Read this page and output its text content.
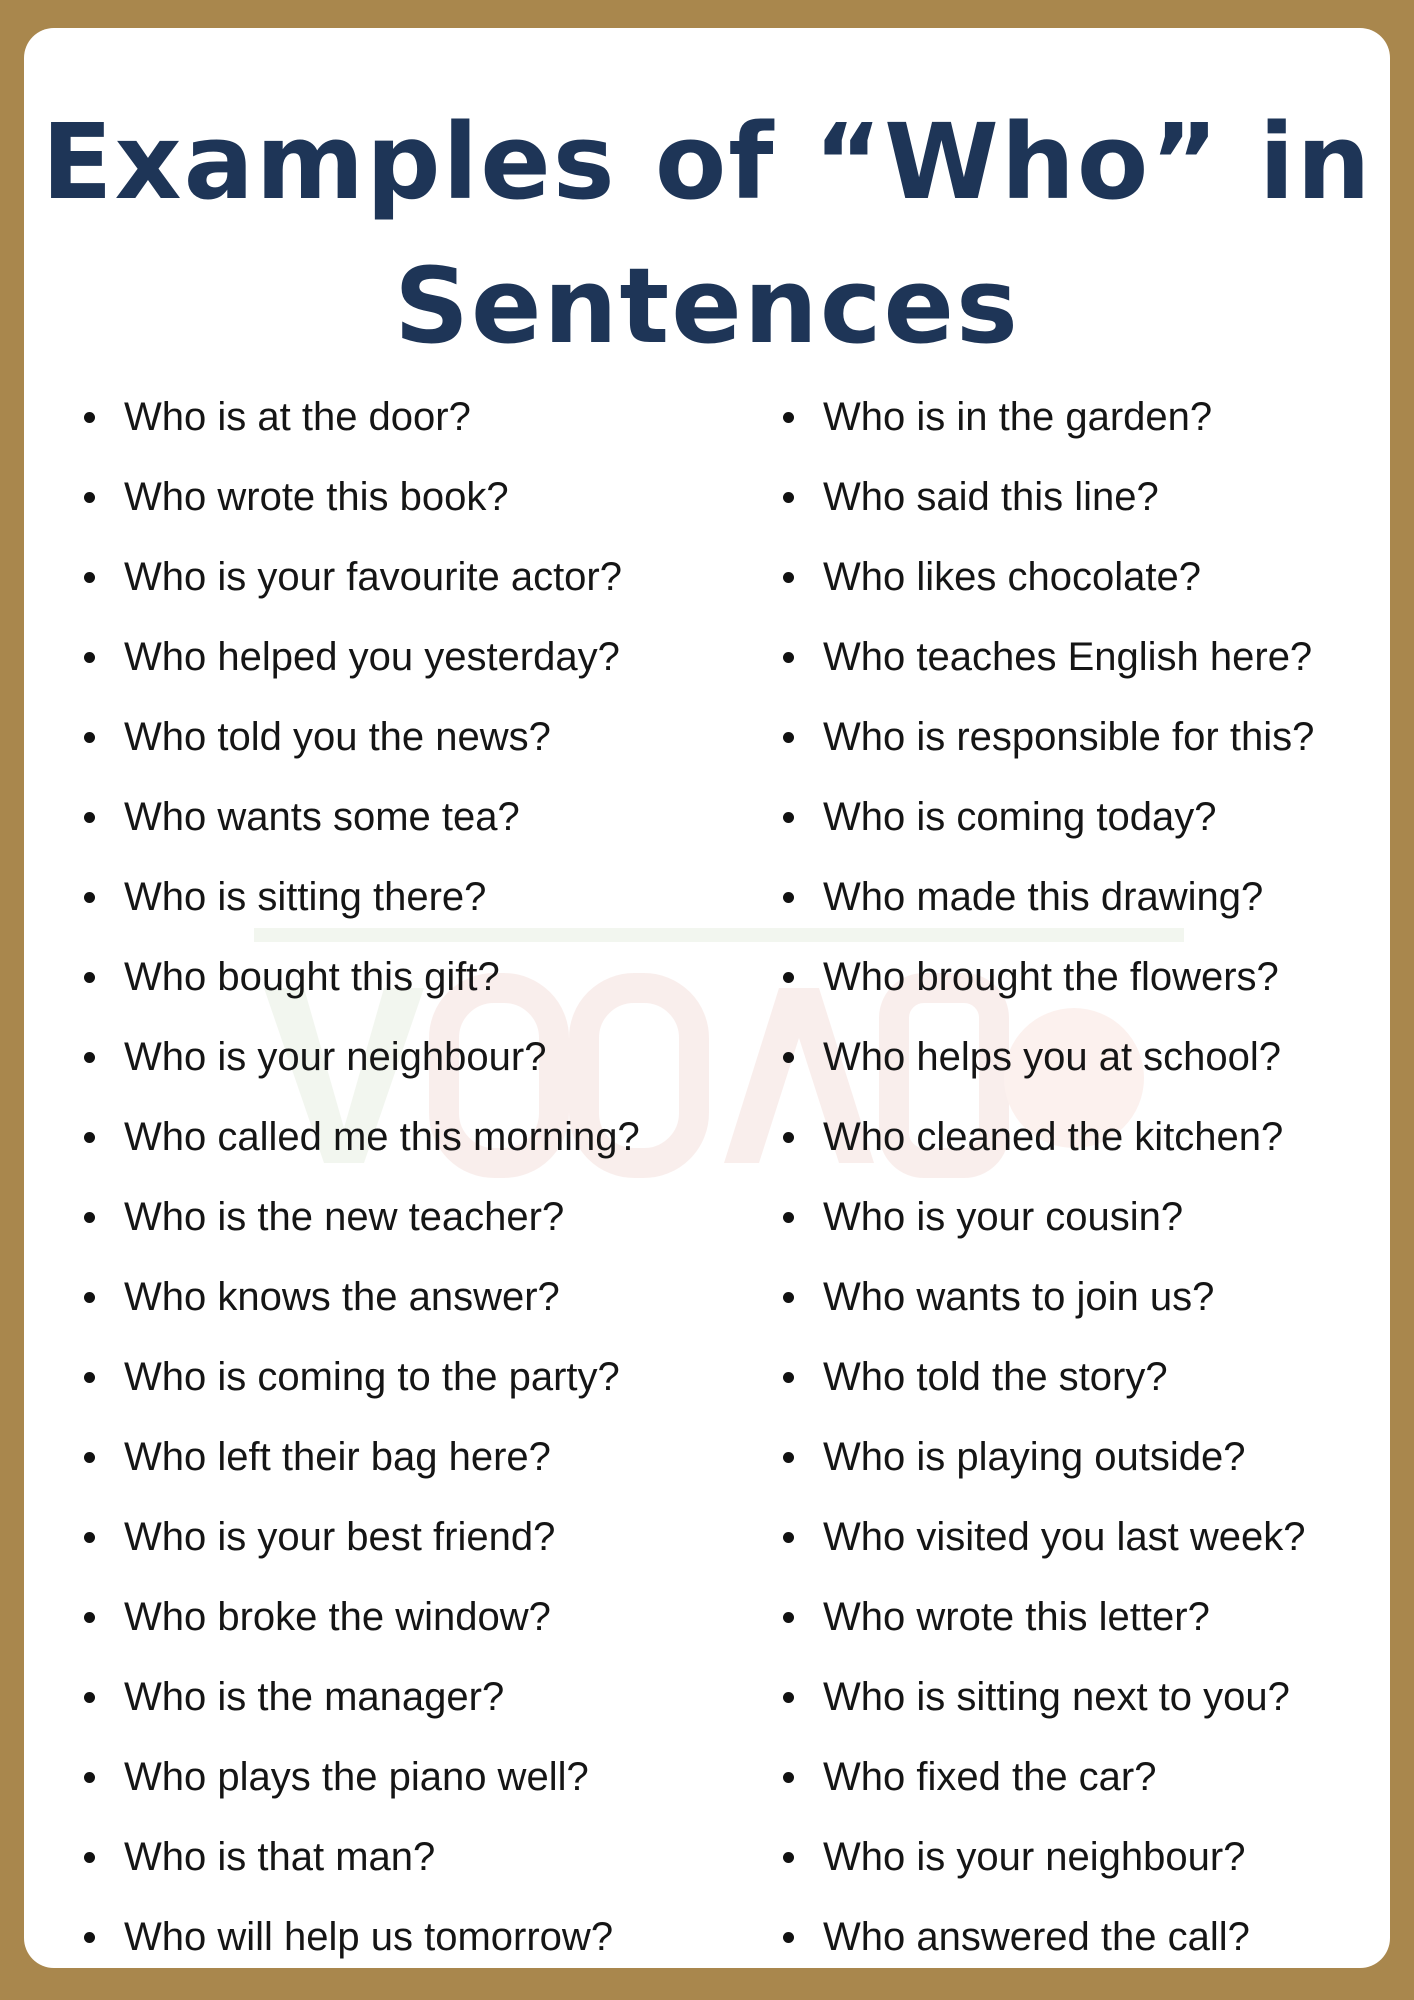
Examples of “Who” in
Sentences
Who is at the door?
Who wrote this book?
Who is your favourite actor?
Who helped you yesterday?
Who told you the news?
Who wants some tea?
Who is sitting there?
Who bought this gift?
Who is your neighbour?
Who called me this morning?
Who is the new teacher?
Who knows the answer?
Who is coming to the party?
Who left their bag here?
Who is your best friend?
Who broke the window?
Who is the manager?
Who plays the piano well?
Who is that man?
Who will help us tomorrow?
Who is in the garden?
Who said this line?
Who likes chocolate?
Who teaches English here?
Who is responsible for this?
Who is coming today?
Who made this drawing?
Who brought the flowers?
Who helps you at school?
Who cleaned the kitchen?
Who is your cousin?
Who wants to join us?
Who told the story?
Who is playing outside?
Who visited you last week?
Who wrote this letter?
Who is sitting next to you?
Who fixed the car?
Who is your neighbour?
Who answered the call?
